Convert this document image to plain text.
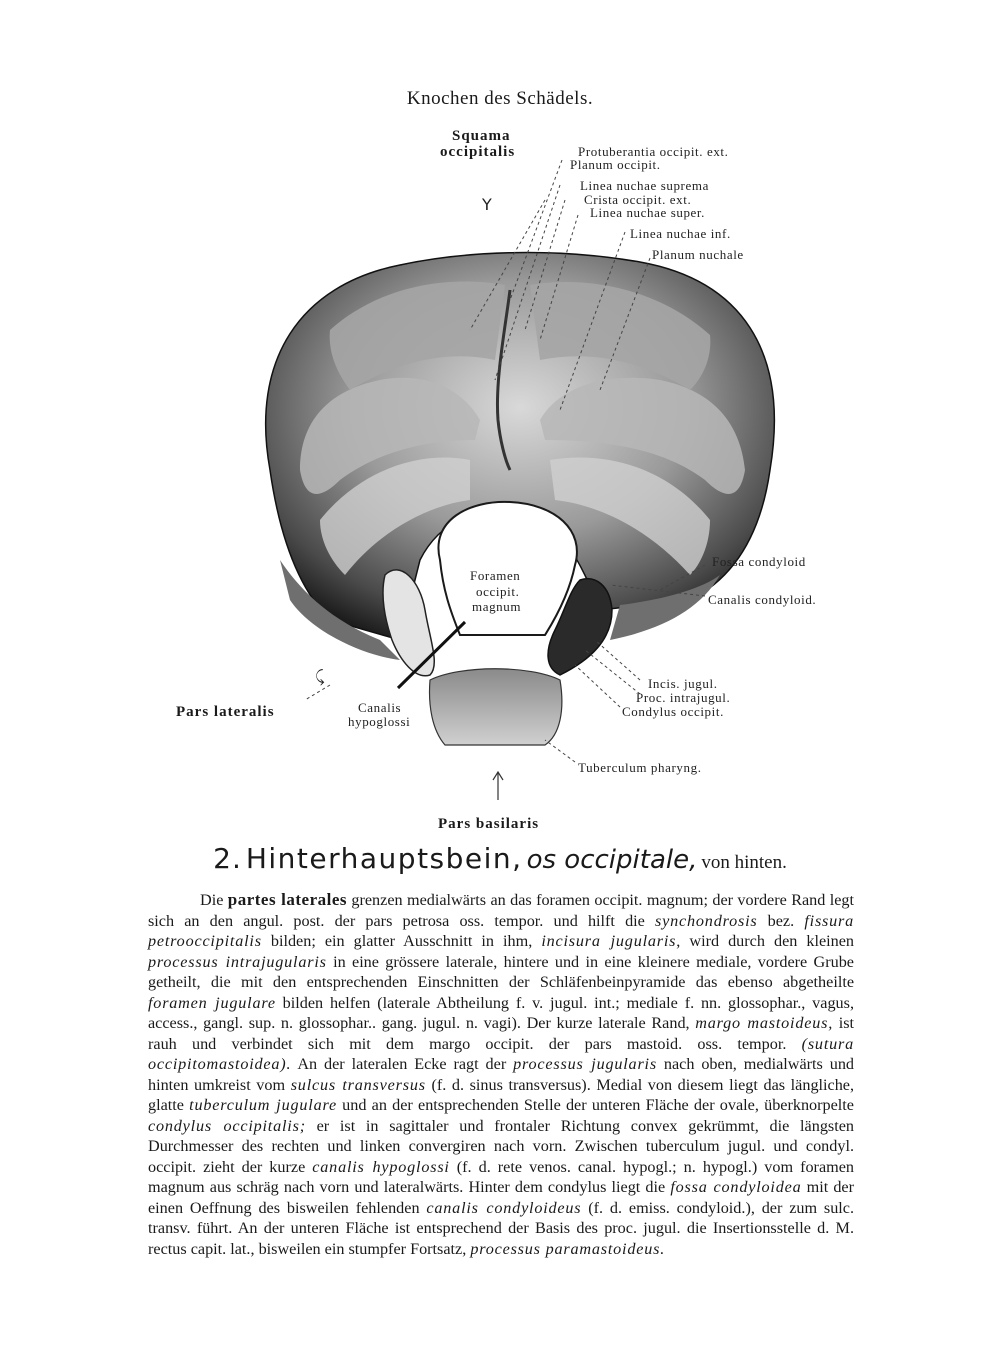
Knochen des Schädels.
Y
⤹
Squama
occipitalis	Protuberantia occipit. ext.
Planum occipit.
Linea nuchae suprema
Crista occipit. ext.
Linea nuchae super.
Linea nuchae inf.
Planum nuchale
Foramen
occipit.
magnum
Fossa condyloid
Canalis condyloid.
Incis. jugul.
Proc. intrajugul.
Condylus occipit.
Pars lateralis	Canalis
hypoglossi
Tuberculum pharyng.
Pars basilaris
2. Hinterhauptsbein, os occipitale, von hinten.

Die partes laterales grenzen medialwärts an das foramen occipit. magnum; der vordere Rand legt sich an den angul. post. der pars petrosa oss. tempor. und hilft die synchondrosis bez. fissura petrooccipitalis bilden; ein glatter Ausschnitt in ihm, incisura jugularis, wird durch den kleinen processus intrajugularis in eine grössere laterale, hintere und in eine kleinere mediale, vordere Grube getheilt, die mit den entsprechenden Einschnitten der Schläfenbeinpyramide das ebenso abgetheilte foramen jugulare bilden helfen (laterale Abtheilung f. v. jugul. int.; mediale f. nn. glossophar., vagus, access., gangl. sup. n. glossophar.. gang. jugul. n. vagi). Der kurze laterale Rand, margo mastoideus, ist rauh und verbindet sich mit dem margo occipit. der pars mastoid. oss. tempor. (sutura occipitomastoidea). An der lateralen Ecke ragt der processus jugularis nach oben, medialwärts und hinten umkreist vom sulcus transversus (f. d. sinus transversus). Medial von diesem liegt das längliche, glatte tuberculum jugulare und an der entsprechenden Stelle der unteren Fläche der ovale, überknorpelte condylus occipitalis; er ist in sagittaler und frontaler Richtung convex gekrümmt, die längsten Durchmesser des rechten und linken convergiren nach vorn. Zwischen tuberculum jugul. und condyl. occipit. zieht der kurze canalis hypoglossi (f. d. rete venos. canal. hypogl.; n. hypogl.) vom foramen magnum aus schräg nach vorn und lateralwärts. Hinter dem condylus liegt die fossa condyloidea mit der einen Oeffnung des bisweilen fehlenden canalis condyloideus (f. d. emiss. condyloid.), der zum sulc. transv. führt. An der unteren Fläche ist entsprechend der Basis des proc. jugul. die Insertionsstelle d. M. rectus capit. lat., bisweilen ein stumpfer Fortsatz, processus paramastoideus.
